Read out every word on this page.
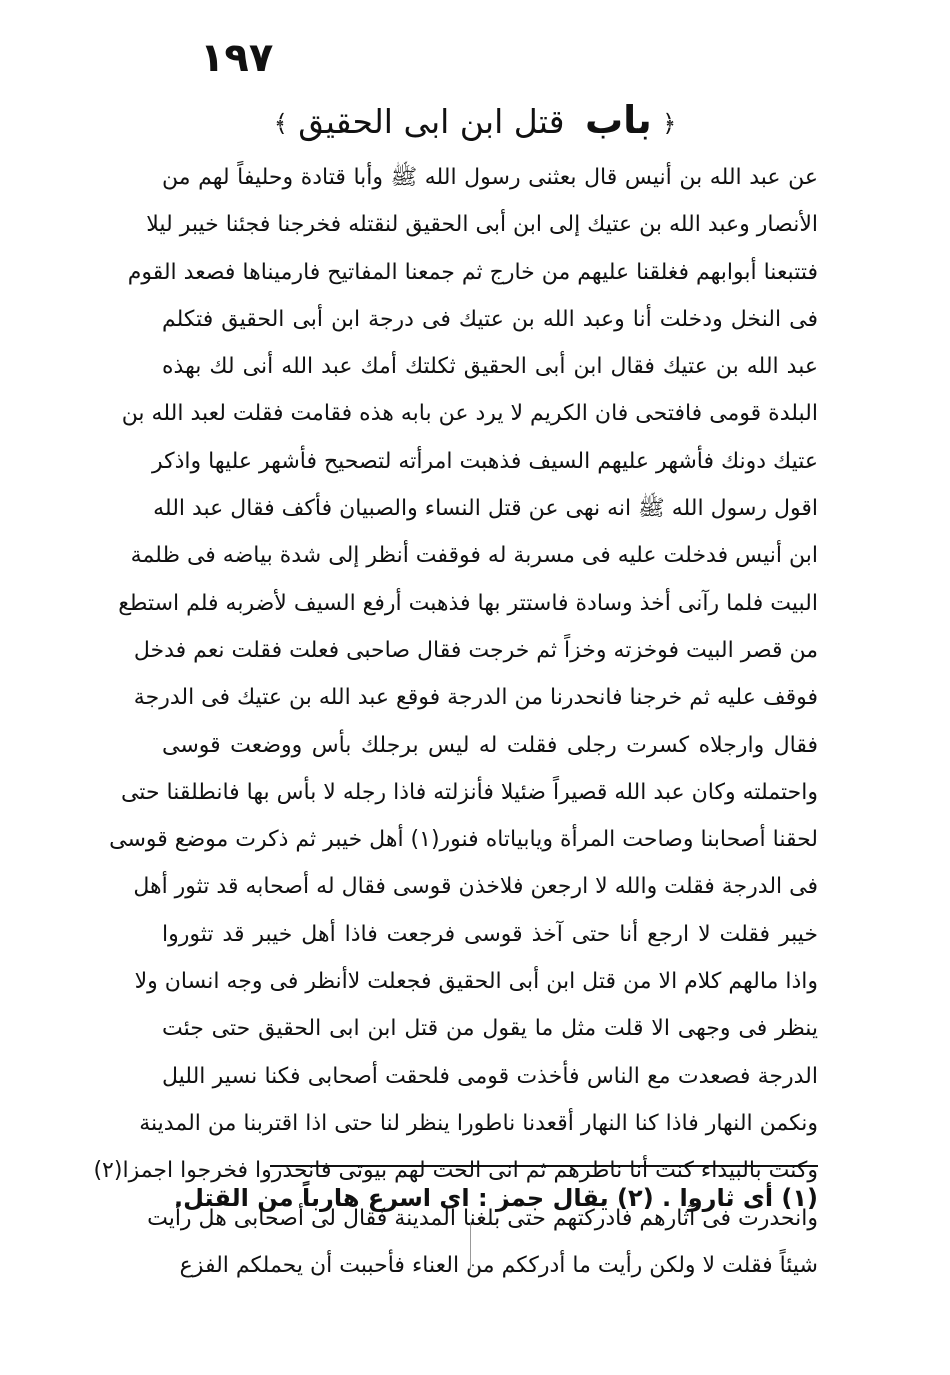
١٩٧
﴿ باب قتل ابن ابى الحقيق ﴾
عن عبد الله بن أنيس قال بعثنى رسول الله ﷺ وأبا قتادة وحليفاً لهم من
الأنصار وعبد الله بن عتيك إلى ابن أبى الحقيق لنقتله فخرجنا فجئنا خيبر ليلا
فتتبعنا أبوابهم فغلقنا عليهم من خارج ثم جمعنا المفاتيح فارميناها فصعد القوم
فى النخل ودخلت أنا وعبد الله بن عتيك فى درجة ابن أبى الحقيق فتكلم
عبد الله بن عتيك فقال ابن أبى الحقيق ثكلتك أمك عبد الله أنى لك بهذه
البلدة قومى فافتحى فان الكريم لا يرد عن بابه هذه فقامت فقلت لعبد الله بن
عتيك دونك فأشهر عليهم السيف فذهبت امرأته لتصحيح فأشهر عليها واذكر
اقول رسول الله ﷺ انه نهى عن قتل النساء والصبيان فأكف فقال عبد الله
ابن أنيس فدخلت عليه فى مسربة له فوقفت أنظر إلى شدة بياضه فى ظلمة
البيت فلما رآنى أخذ وسادة فاستتر بها فذهبت أرفع السيف لأضربه فلم استطع
من قصر البيت فوخزته وخزاً ثم خرجت فقال صاحبى فعلت فقلت نعم فدخل
فوقف عليه ثم خرجنا فانحدرنا من الدرجة فوقع عبد الله بن عتيك فى الدرجة
فقال وارجلاه كسرت رجلى فقلت له ليس برجلك بأس ووضعت قوسى
واحتملته وكان عبد الله قصيراً ضئيلا فأنزلته فاذا رجله لا بأس بها فانطلقنا حتى
لحقنا أصحابنا وصاحت المرأة ويابياتاه فنور(١) أهل خيبر ثم ذكرت موضع قوسى
فى الدرجة فقلت والله لا ارجعن فلاخذن قوسى فقال له أصحابه قد تثور أهل
خيبر فقلت لا ارجع أنا حتى آخذ قوسى فرجعت فاذا أهل خيبر قد تثوروا
واذا مالهم كلام الا من قتل ابن أبى الحقيق فجعلت لاأنظر فى وجه انسان ولا
ينظر فى وجهى الا قلت مثل ما يقول من قتل ابن ابى الحقيق حتى جئت
الدرجة فصعدت مع الناس فأخذت قومى فلحقت أصحابى فكنا نسير الليل
ونكمن النهار فاذا كنا النهار أقعدنا ناطورا ينظر لنا حتى اذا اقتربنا من المدينة
وكنت بالبيداء كنت أنا ناطرهم ثم انى الحت لهم بيوتى فانحدروا فخرجوا اجمزا(٢)
وانحدرت فى آثارهم فادركتهم حتى بلغنا المدينة فقال لى أصحابى هل رأيت
شيئاً فقلت لا ولكن رأيت ما أدرككم من العناء فأحببت أن يحملكم الفزع
(١) أى ثاروا . (٢) يقال جمز : اى اسرع هارباً من القتل.
